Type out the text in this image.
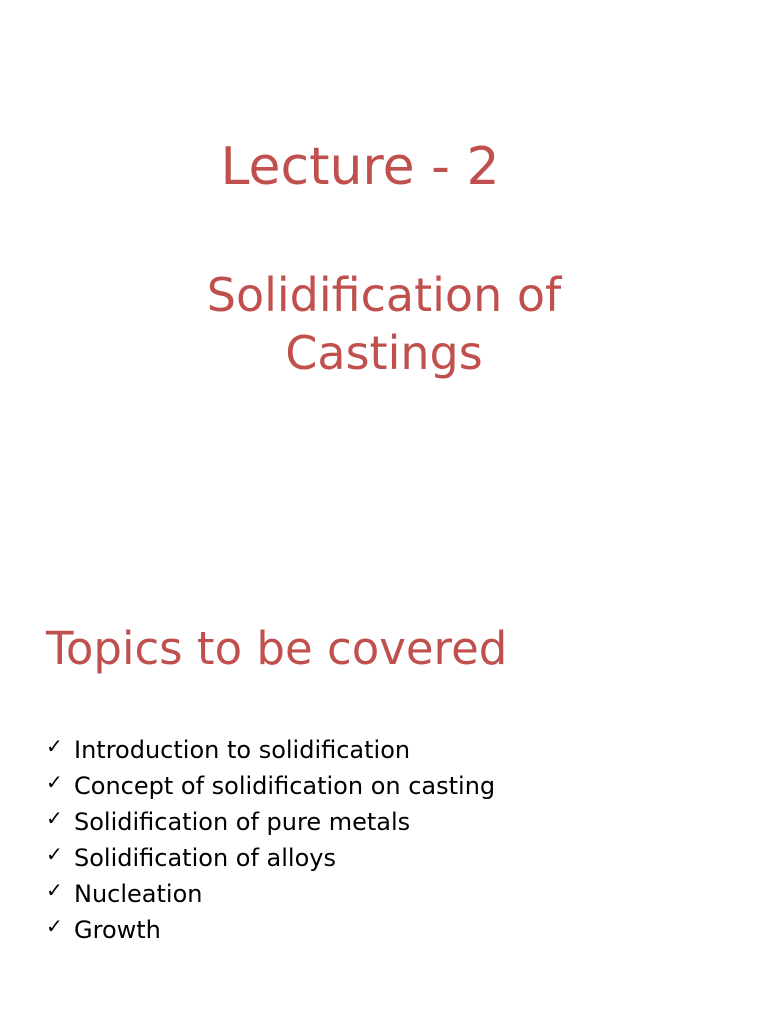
Lecture - 2
Solidification of
Castings
Topics to be covered
✓ Introduction to solidification
✓ Concept of solidification on casting
✓ Solidification of pure metals
✓ Solidification of alloys
✓ Nucleation
✓ Growth
